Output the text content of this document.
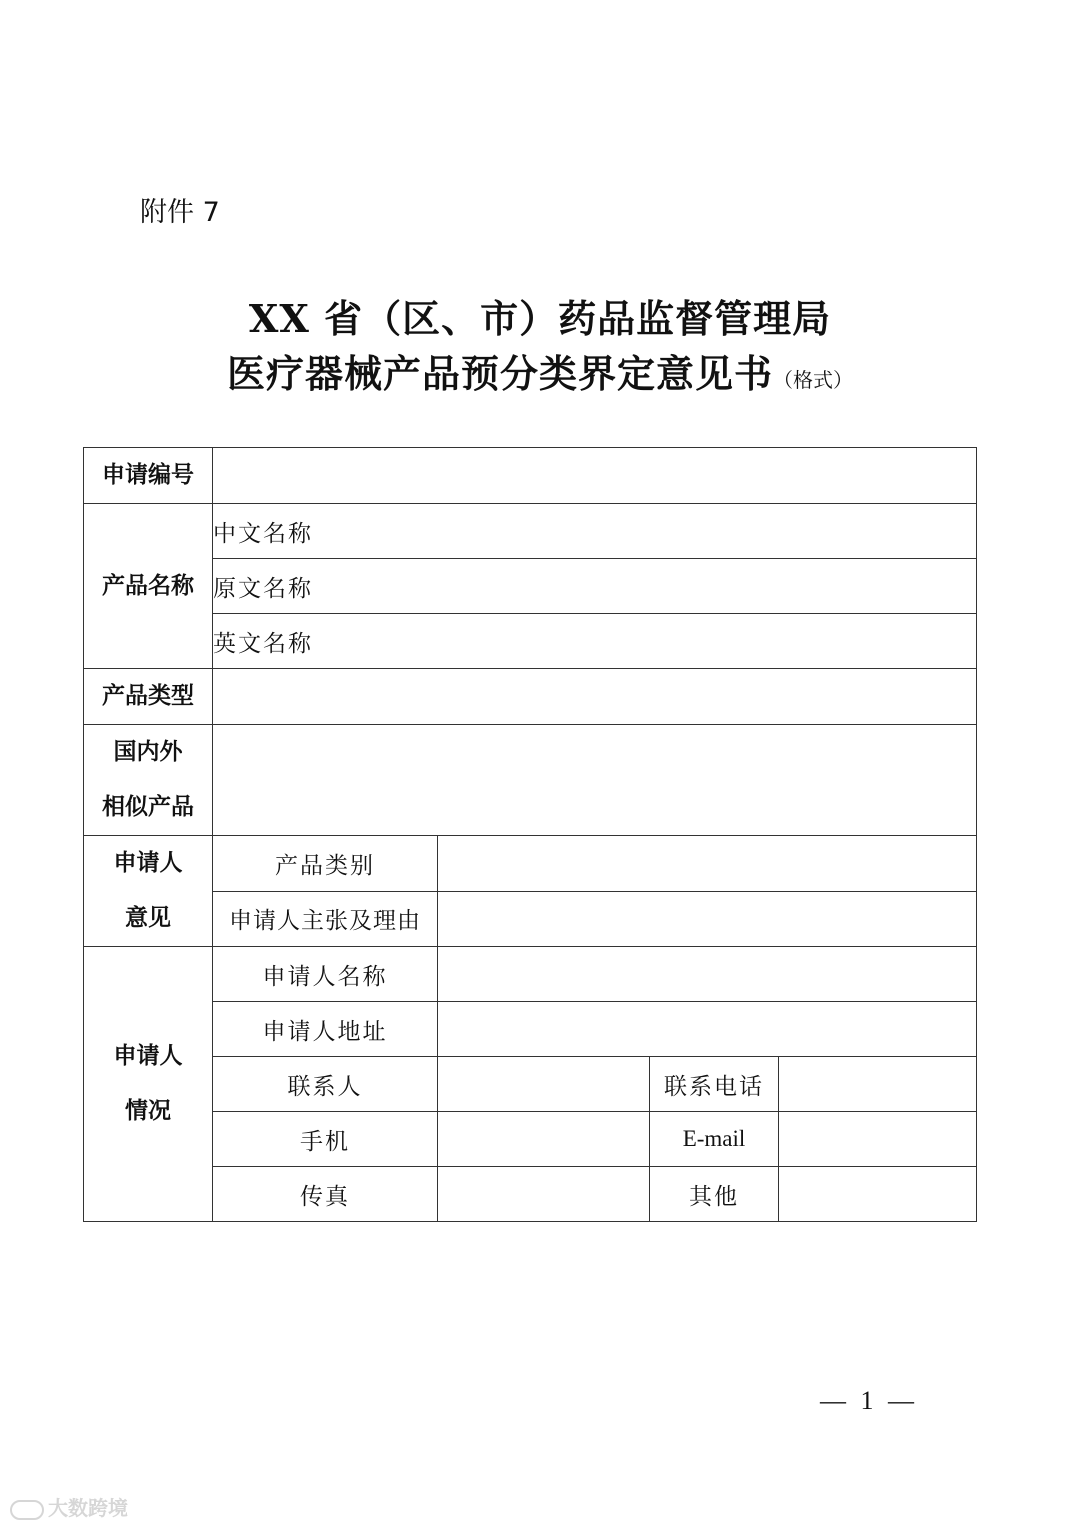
附件 7
XX 省（区、市）药品监督管理局
医疗器械产品预分类界定意见书（格式）
申请编号				
产品名称	中文名称			
	原文名称			
	英文名称			
产品类型				

国内外
相似产品				

申请人
意见	产品类别			
	申请人主张及理由			

申请人
情况	申请人名称			
	申请人地址			
	联系人		联系电话	
	手机		E-mail	
	传真		其他	
— 1 —
大数跨境
